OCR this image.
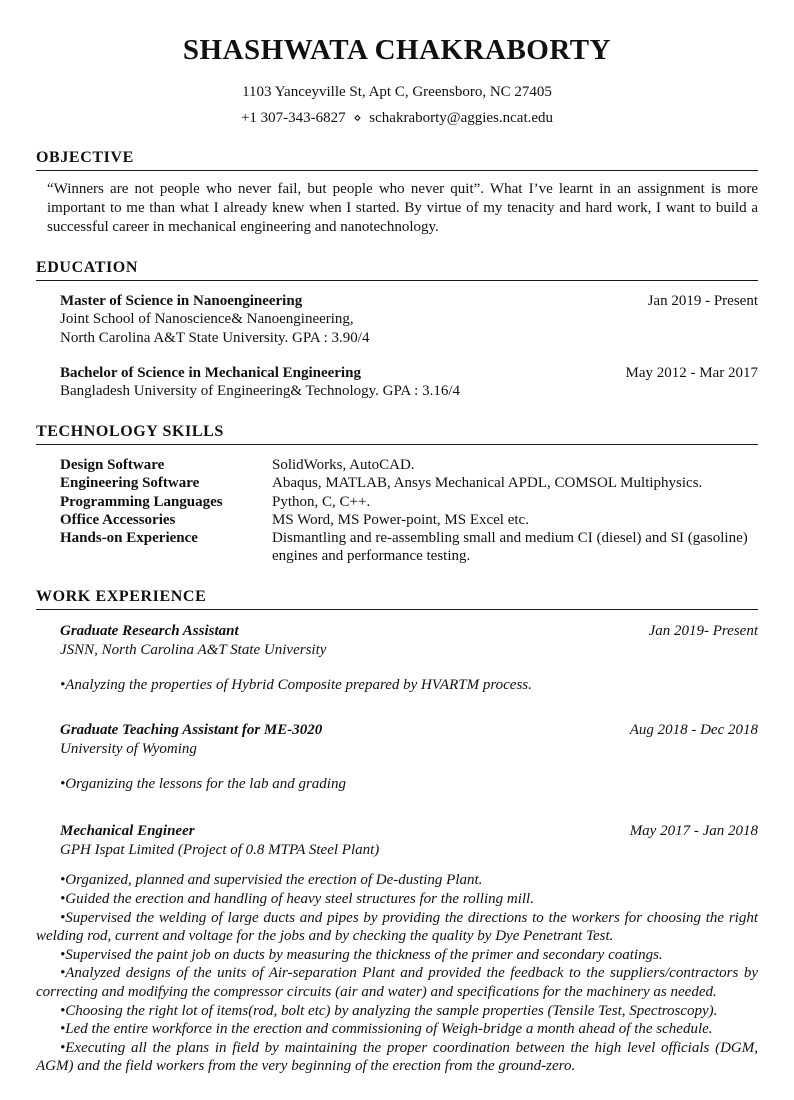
SHASHWATA CHAKRABORTY
1103 Yanceyville St, Apt C, Greensboro, NC 27405
+1 307-343-6827 ⋄ schakraborty@aggies.ncat.edu
OBJECTIVE
“Winners are not people who never fail, but people who never quit”. What I’ve learnt in an assignment is more important to me than what I already knew when I started. By virtue of my tenacity and hard work, I want to build a successful career in mechanical engineering and nanotechnology.
EDUCATION
Master of Science in Nanoengineering	Jan 2019 - Present
Joint School of Nanoscience& Nanoengineering,
North Carolina A&T State University. GPA : 3.90/4
Bachelor of Science in Mechanical Engineering	May 2012 - Mar 2017
Bangladesh University of Engineering& Technology. GPA : 3.16/4
TECHNOLOGY SKILLS
Design Software	SolidWorks, AutoCAD.
Engineering Software	Abaqus, MATLAB, Ansys Mechanical APDL, COMSOL Multiphysics.
Programming Languages	Python, C, C++.
Office Accessories	MS Word, MS Power-point, MS Excel etc.
Hands-on Experience	Dismantling and re-assembling small and medium CI (diesel) and SI (gasoline) engines and performance testing.
WORK EXPERIENCE
Graduate Research Assistant	Jan 2019- Present
JSNN, North Carolina A&T State University
• Analyzing the properties of Hybrid Composite prepared by HVARTM process.
Graduate Teaching Assistant for ME-3020	Aug 2018 - Dec 2018
University of Wyoming
• Organizing the lessons for the lab and grading
Mechanical Engineer	May 2017 - Jan 2018
GPH Ispat Limited (Project of 0.8 MTPA Steel Plant)
• Organized, planned and supervisied the erection of De-dusting Plant.
• Guided the erection and handling of heavy steel structures for the rolling mill.
• Supervised the welding of large ducts and pipes by providing the directions to the workers for choosing the right welding rod, current and voltage for the jobs and by checking the quality by Dye Penetrant Test.
• Supervised the paint job on ducts by measuring the thickness of the primer and secondary coatings.
• Analyzed designs of the units of Air-separation Plant and provided the feedback to the suppliers/contractors by correcting and modifying the compressor circuits (air and water) and specifications for the machinery as needed.
• Choosing the right lot of items(rod, bolt etc) by analyzing the sample properties (Tensile Test, Spectroscopy).
• Led the entire workforce in the erection and commissioning of Weigh-bridge a month ahead of the schedule.
• Executing all the plans in field by maintaining the proper coordination between the high level officials (DGM, AGM) and the field workers from the very beginning of the erection from the ground-zero.
